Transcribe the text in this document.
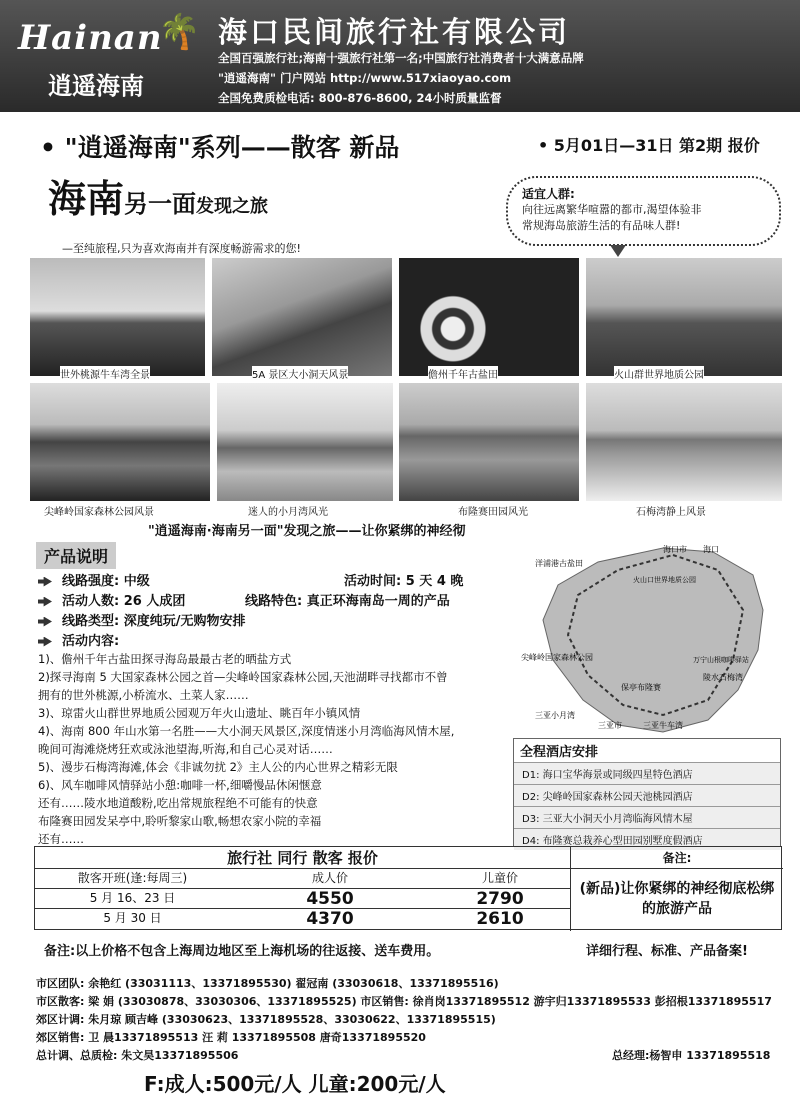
Hainan
🌴
逍遥海南
海口民间旅行社有限公司
全国百强旅行社;海南十强旅行社第一名;中国旅行社消费者十大满意品牌
"逍遥海南" 门户网站 http://www.517xiaoyao.com
全国免费质检电话: 800-876-8600, 24小时质量监督
• "逍遥海南"系列——散客 新品	• 5月01日—31日 第2期 报价
海南另一面发现之旅
适宜人群:
向往远离繁华喧嚣的都市,渴望体验非
常规海岛旅游生活的有品味人群!
—至纯旅程,只为喜欢海南并有深度畅游需求的您!
世外桃源牛车湾全景	5A 景区大小洞天风景	儋州千年古盐田	火山群世界地质公园
尖峰岭国家森林公园风景	迷人的小月湾风光	布隆赛田园风光	石梅湾静上风景
"逍遥海南·海南另一面"发现之旅——让你紧绑的神经彻
产品说明
线路强度: 中级	活动时间: 5 天 4 晚
活动人数: 26 人成团	线路特色: 真正环海南岛一周的产品
线路类型: 深度纯玩/无购物安排
活动内容:
1)、儋州千年古盐田探寻海岛最最古老的晒盐方式
2)探寻海南 5 大国家森林公园之首—尖峰岭国家森林公园,天池湖畔寻找都市不曾
拥有的世外桃源,小桥流水、土菜人家……
3)、琼雷火山群世界地质公园观万年火山遗址、眺百年小镇风情
4)、海南 800 年山水第一名胜——大小洞天风景区,深度情迷小月湾临海风情木屋,
晚间可海滩烧烤狂欢或泳池望海,听海,和自己心灵对话……
5)、漫步石梅湾海滩,体会《非诚勿扰 2》主人公的内心世界之精彩无限
6)、风车咖啡风情驿站小憩:咖啡一杯,细嚼慢品休闲惬意
还有……陵水地道酸粉,吃出常规旅程绝不可能有的快意
布隆赛田园发呆亭中,聆听黎家山歌,畅想农家小院的幸福
还有……
海口市 海口
洋浦港古盐田
火山口世界地质公园
尖峰岭国家森林公园	万宁山根咖啡驿站
陵水石梅湾
保亭布隆赛
三亚小月湾
三亚市	三亚牛车湾
全程酒店安排
D1: 海口宝华海景或同级四星特色酒店
D2: 尖峰岭国家森林公园天池桃园酒店
D3: 三亚大小洞天小月湾临海风情木屋
D4: 布隆赛总栽养心型田园别墅度假酒店
旅行社 同行 散客 报价
散客开班(逢:每周三)	成人价	儿童价
5 月 16、23 日	4550	2790
5 月 30 日	4370	2610
备注:
(新品)让你紧绑的神经彻底松绑的旅游产品
备注:以上价格不包含上海周边地区至上海机场的往返接、送车费用。	详细行程、标准、产品备案!
市区团队: 余艳红 (33031113、13371895530) 翟冠南 (33030618、13371895516)
市区散客: 梁 娟 (33030878、33030306、13371895525) 市区销售: 徐肖岗13371895512 游宇归13371895533 彭招根13371895517
郊区计调: 朱月琼 顾吉峰 (33030623、13371895528、33030622、13371895515)
郊区销售: 卫 晨13371895513 汪 莉 13371895508 唐奇13371895520
总计调、总质检: 朱文昊13371895506	总经理:杨智申 13371895518
F:成人:500元/人 儿童:200元/人
